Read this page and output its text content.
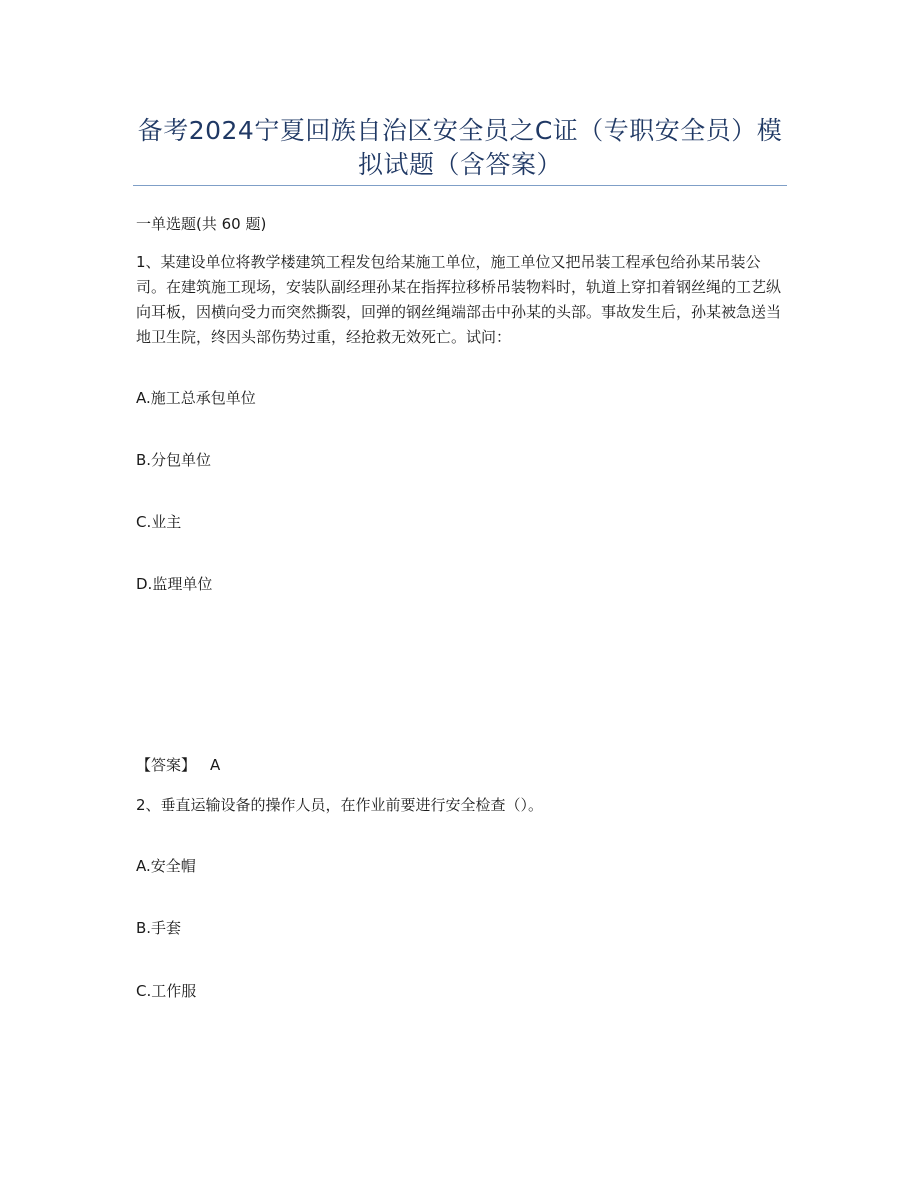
备考2024宁夏回族自治区安全员之C证（专职安全员）模拟试题（含答案）
一单选题(共 60 题)
1、某建设单位将教学楼建筑工程发包给某施工单位，施工单位又把吊装工程承包给孙某吊装公司。在建筑施工现场，安装队副经理孙某在指挥拉移桥吊装物料时，轨道上穿扣着钢丝绳的工艺纵向耳板，因横向受力而突然撕裂，回弹的钢丝绳端部击中孙某的头部。事故发生后，孙某被急送当地卫生院，终因头部伤势过重，经抢救无效死亡。试问：
A.施工总承包单位
B.分包单位
C.业主
D.监理单位
【答案】 A
2、垂直运输设备的操作人员，在作业前要进行安全检查（）。
A.安全帽
B.手套
C.工作服
